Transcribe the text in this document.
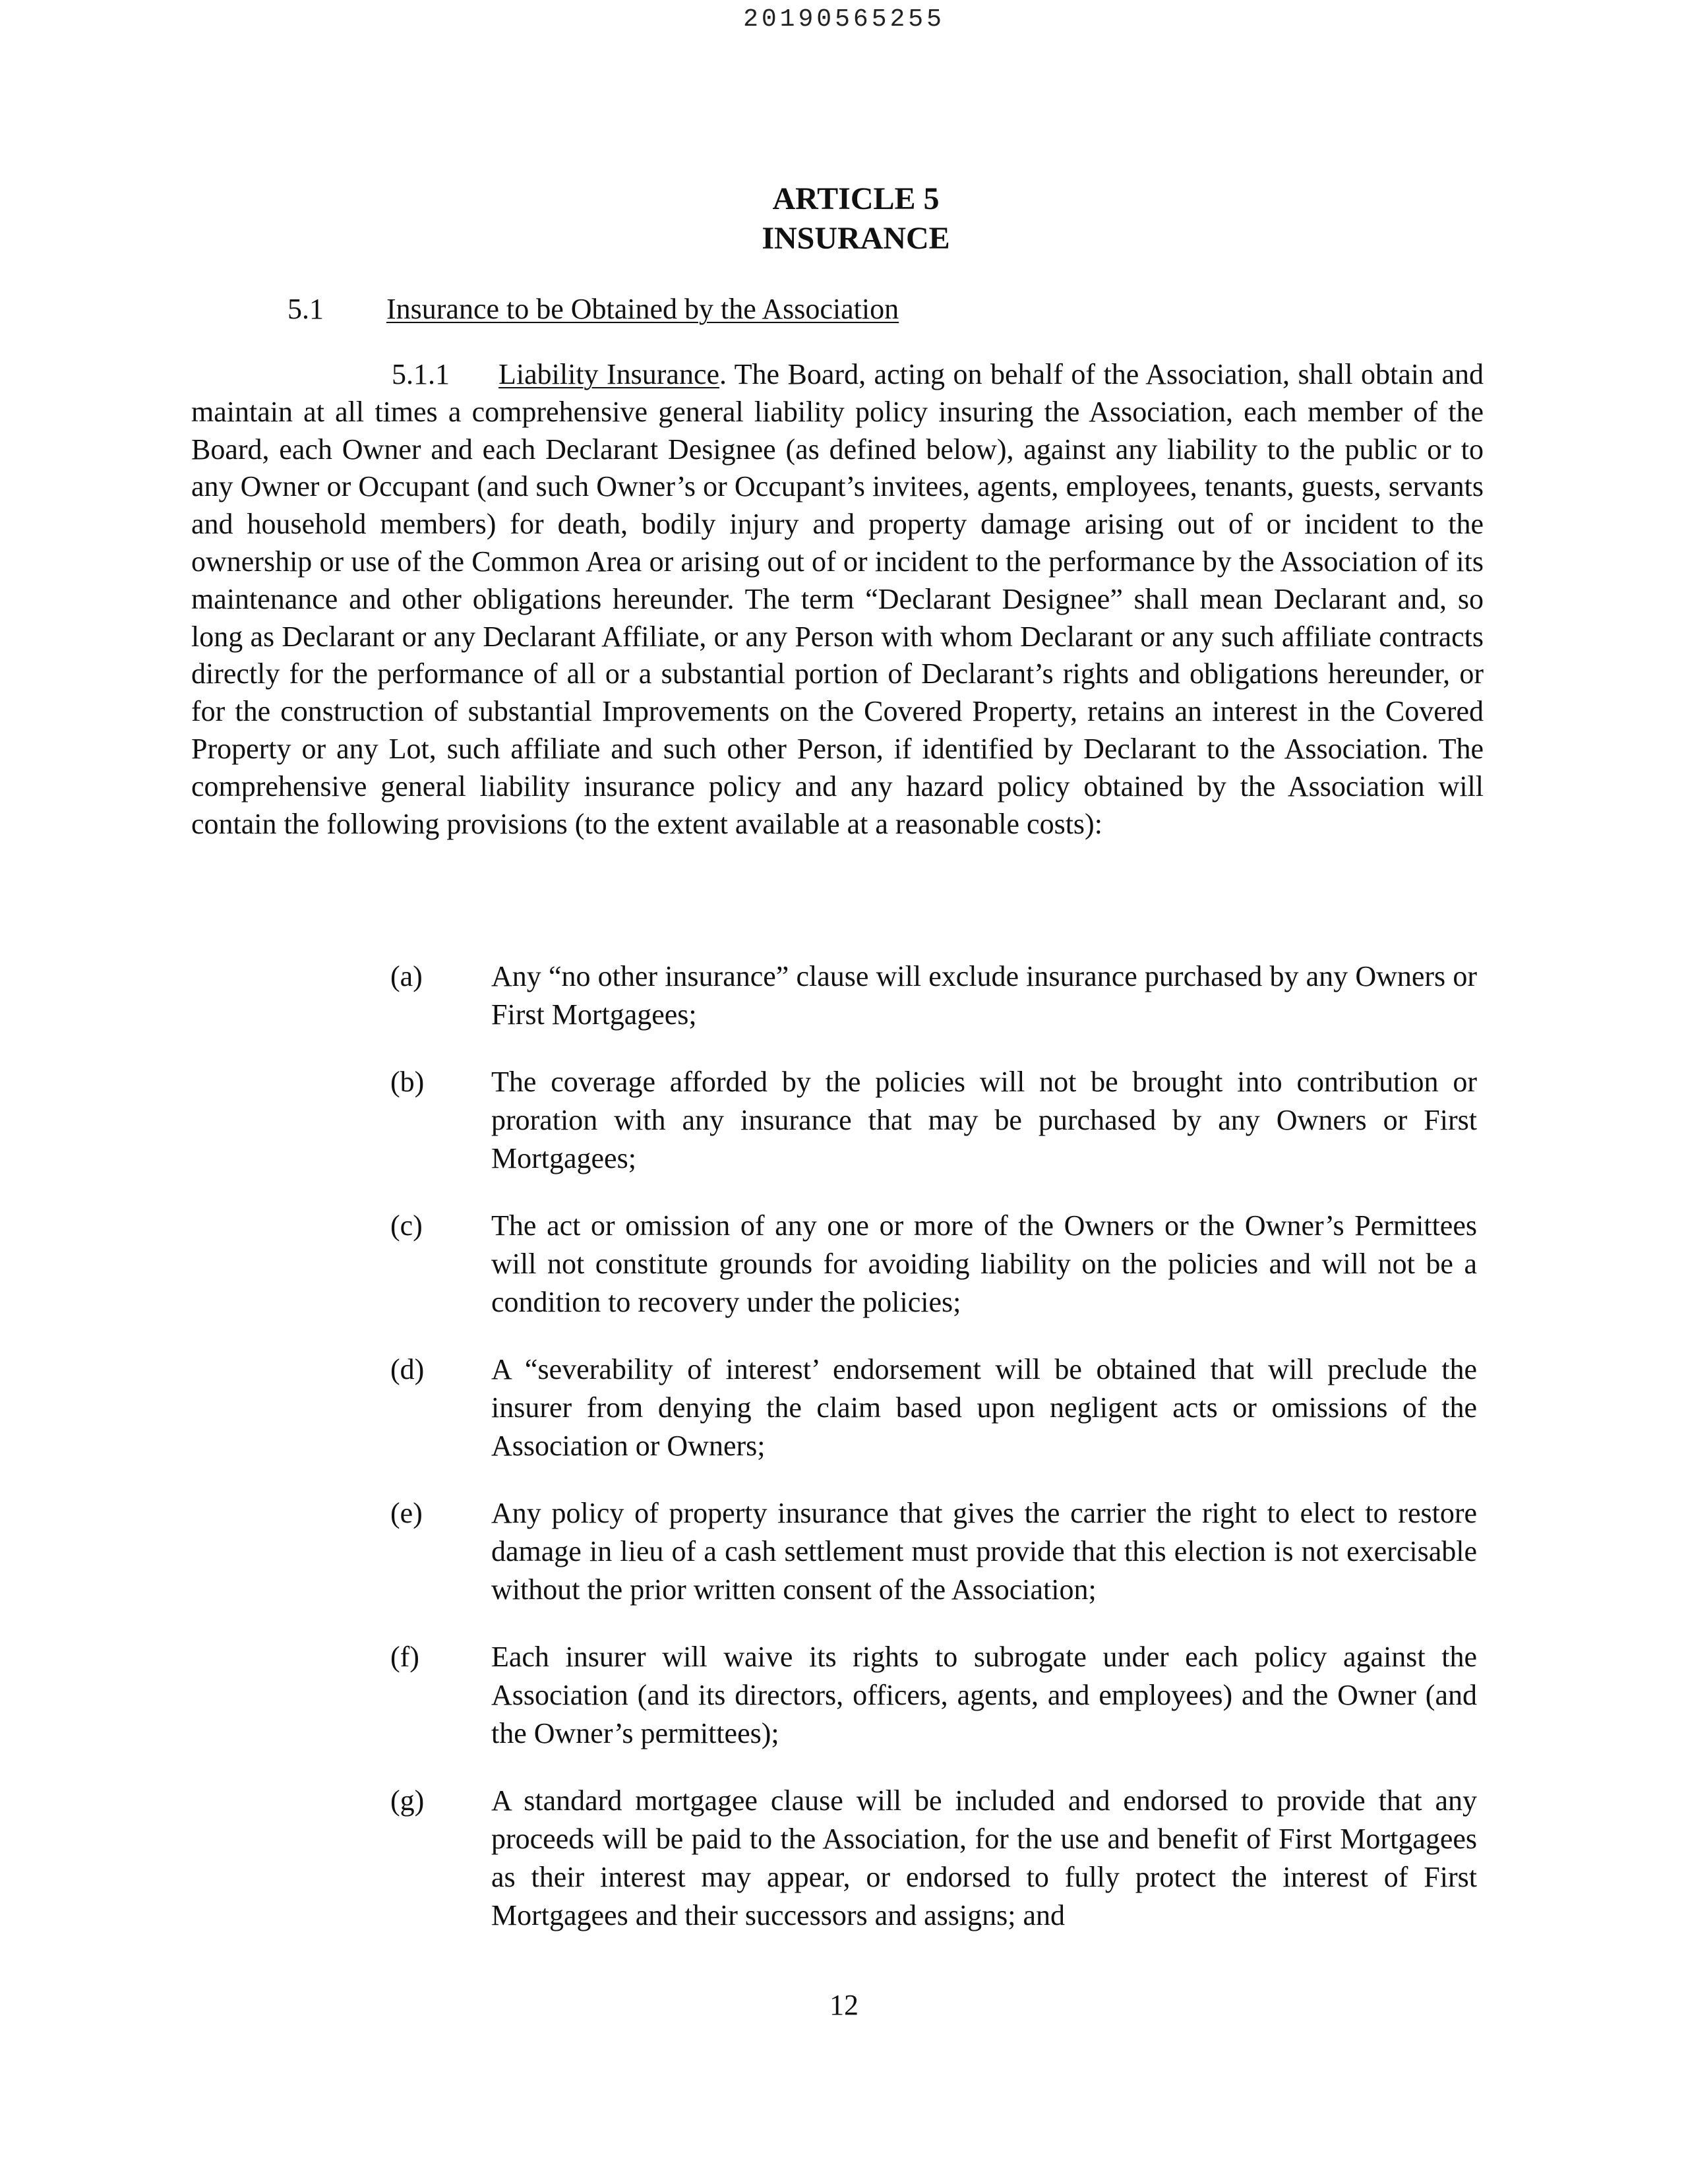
20190565255
ARTICLE 5
INSURANCE
5.1 Insurance to be Obtained by the Association
5.1.1 Liability Insurance. The Board, acting on behalf of the Association, shall obtain and maintain at all times a comprehensive general liability policy insuring the Association, each member of the Board, each Owner and each Declarant Designee (as defined below), against any liability to the public or to any Owner or Occupant (and such Owner’s or Occupant’s invitees, agents, employees, tenants, guests, servants and household members) for death, bodily injury and property damage arising out of or incident to the ownership or use of the Common Area or arising out of or incident to the performance by the Association of its maintenance and other obligations hereunder. The term “Declarant Designee” shall mean Declarant and, so long as Declarant or any Declarant Affiliate, or any Person with whom Declarant or any such affiliate contracts directly for the performance of all or a substantial portion of Declarant’s rights and obligations hereunder, or for the construction of substantial Improvements on the Covered Property, retains an interest in the Covered Property or any Lot, such affiliate and such other Person, if identified by Declarant to the Association. The comprehensive general liability insurance policy and any hazard policy obtained by the Association will contain the following provisions (to the extent available at a reasonable costs):
(a) Any “no other insurance” clause will exclude insurance purchased by any Owners or First Mortgagees;
(b) The coverage afforded by the policies will not be brought into contribution or proration with any insurance that may be purchased by any Owners or First Mortgagees;
(c) The act or omission of any one or more of the Owners or the Owner’s Permittees will not constitute grounds for avoiding liability on the policies and will not be a condition to recovery under the policies;
(d) A “severability of interest’ endorsement will be obtained that will preclude the insurer from denying the claim based upon negligent acts or omissions of the Association or Owners;
(e) Any policy of property insurance that gives the carrier the right to elect to restore damage in lieu of a cash settlement must provide that this election is not exercisable without the prior written consent of the Association;
(f) Each insurer will waive its rights to subrogate under each policy against the Association (and its directors, officers, agents, and employees) and the Owner (and the Owner’s permittees);
(g) A standard mortgagee clause will be included and endorsed to provide that any proceeds will be paid to the Association, for the use and benefit of First Mortgagees as their interest may appear, or endorsed to fully protect the interest of First Mortgagees and their successors and assigns; and
12
